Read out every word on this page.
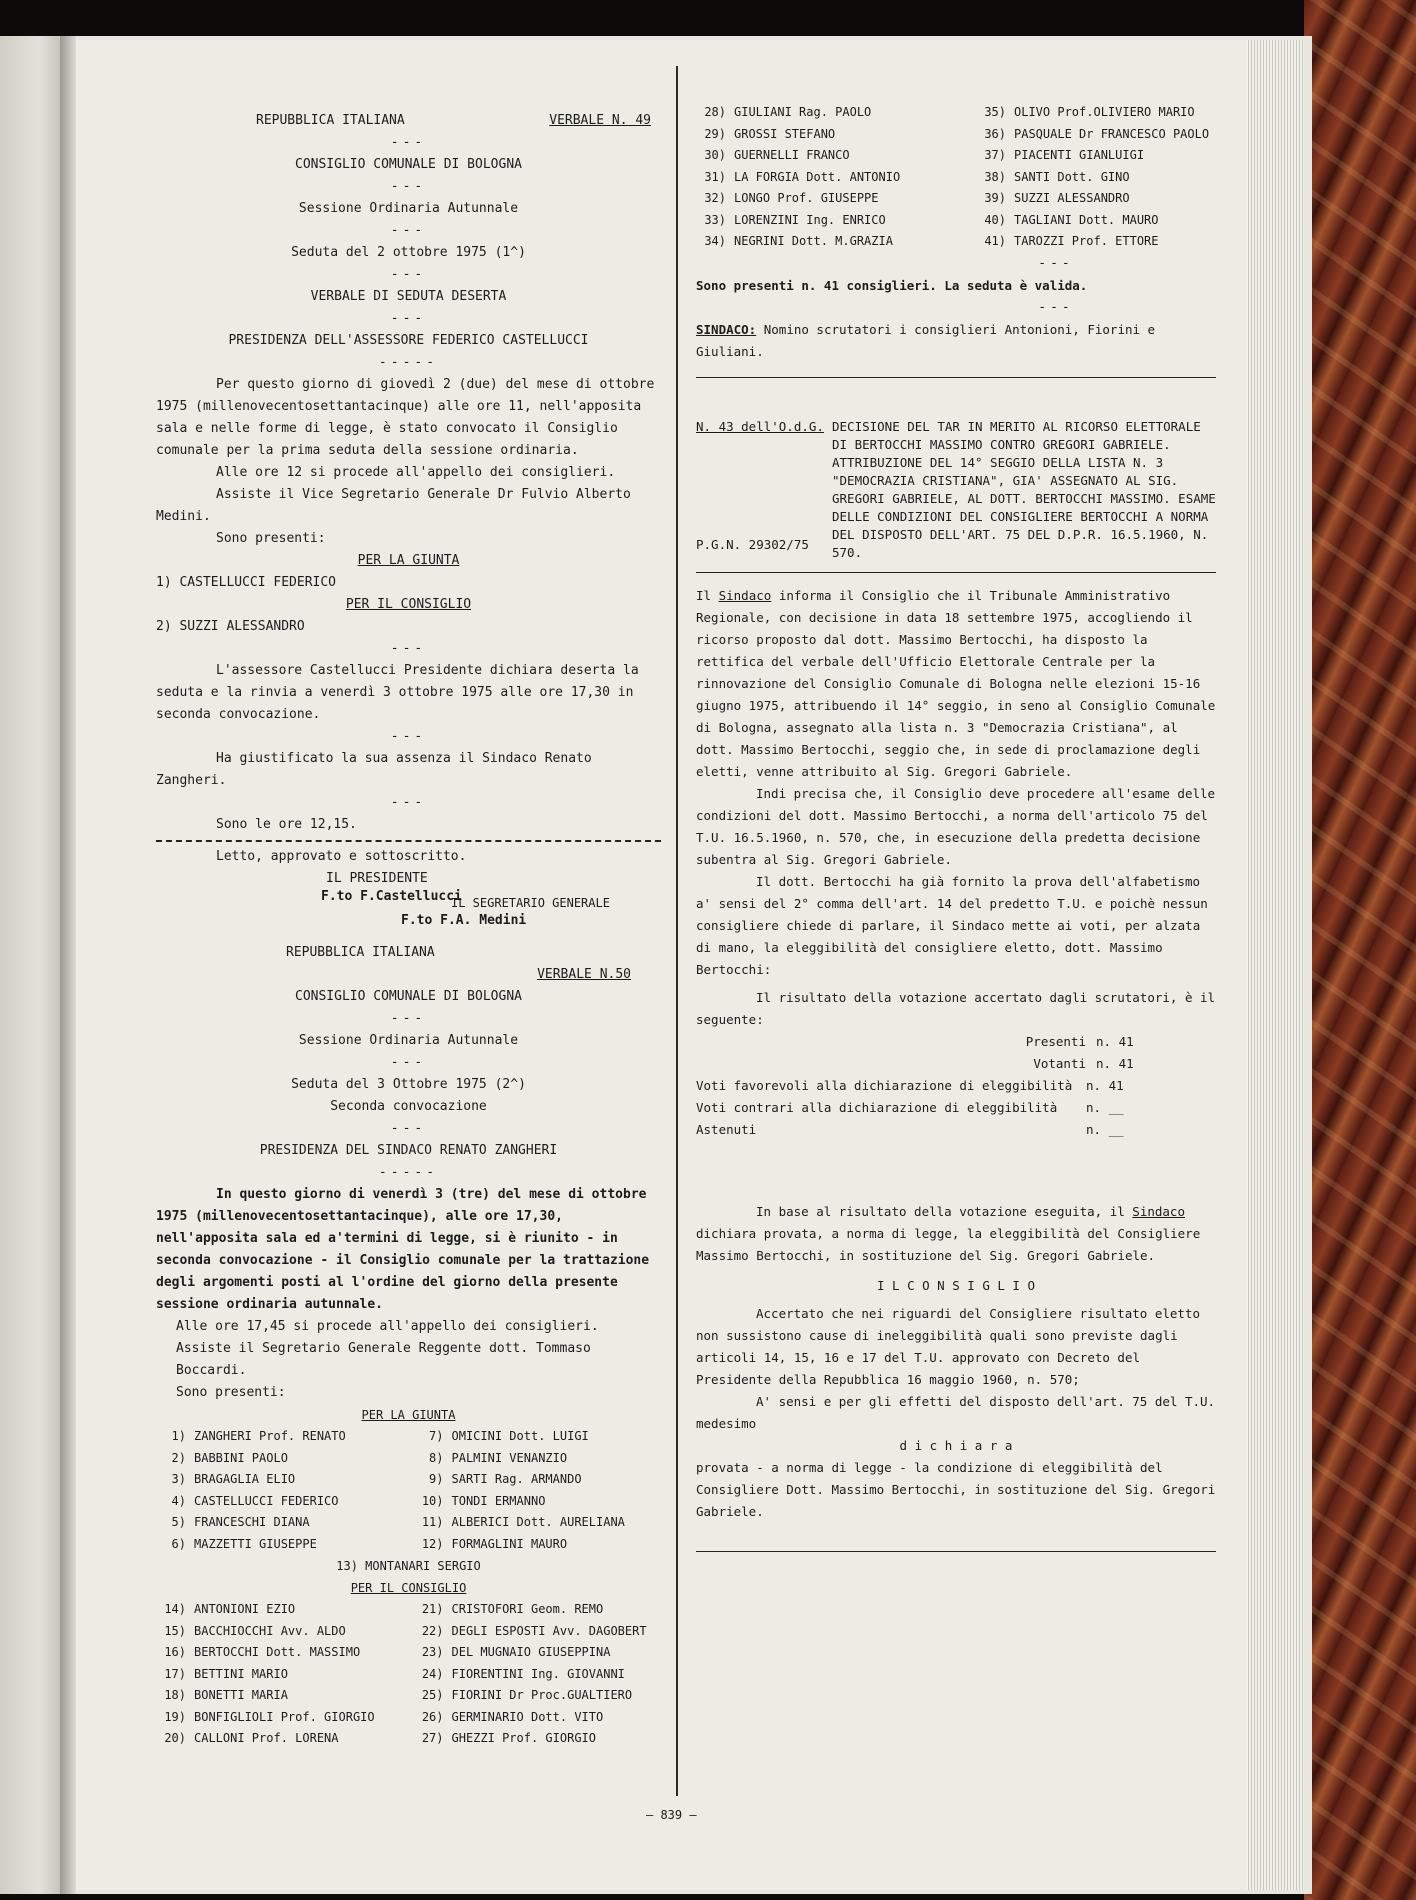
REPUBBLICA ITALIANA	VERBALE N. 49
---
CONSIGLIO COMUNALE DI BOLOGNA
---
Sessione Ordinaria Autunnale
---
Seduta del 2 ottobre 1975 (1^)
---
VERBALE DI SEDUTA DESERTA
---
PRESIDENZA DELL'ASSESSORE FEDERICO CASTELLUCCI
-----

Per questo giorno di giovedì 2 (due) del mese di ottobre 1975 (millenovecentosettantacinque) alle ore 11, nell'apposita sala e nelle forme di legge, è stato convocato il Consiglio comunale per la prima seduta della sessione ordinaria.

Alle ore 12 si procede all'appello dei consiglieri.

Assiste il Vice Segretario Generale Dr Fulvio Alberto Medini.

Sono presenti:

PER LA GIUNTA
1) CASTELLUCCI FEDERICO
PER IL CONSIGLIO
2) SUZZI ALESSANDRO
---

L'assessore Castellucci Presidente dichiara deserta la seduta e la rinvia a venerdì 3 ottobre 1975 alle ore 17,30 in seconda convocazione.

---

Ha giustificato la sua assenza il Sindaco Renato Zangheri.

---

Sono le ore 12,15.

Letto, approvato e sottoscritto.

IL PRESIDENTE
F.to F.Castellucci
IL SEGRETARIO GENERALE
F.to F.A. Medini
REPUBBLICA ITALIANA
VERBALE N.50
CONSIGLIO COMUNALE DI BOLOGNA
---
Sessione Ordinaria Autunnale
---
Seduta del 3 Ottobre 1975 (2^)
Seconda convocazione
---
PRESIDENZA DEL SINDACO RENATO ZANGHERI
-----

In questo giorno di venerdì 3 (tre) del mese di ottobre 1975 (millenovecentosettantacinque), alle ore 17,30, nell'apposita sala ed a'termini di legge, si è riunito - in seconda convocazione - il Consiglio comunale per la trattazione degli argomenti posti al l'ordine del giorno della presente sessione ordinaria autunnale.

Alle ore 17,45 si procede all'appello dei consiglieri.

Assiste il Segretario Generale Reggente dott. Tommaso Boccardi.

Sono presenti:

PER LA GIUNTA
1) ZANGHERI Prof. RENATO	7) OMICINI Dott. LUIGI
2) BABBINI PAOLO	8) PALMINI VENANZIO
3) BRAGAGLIA ELIO	9) SARTI Rag. ARMANDO
4) CASTELLUCCI FEDERICO	10) TONDI ERMANNO
5) FRANCESCHI DIANA	11) ALBERICI Dott. AURELIANA
6) MAZZETTI GIUSEPPE	12) FORMAGLINI MAURO
13) MONTANARI SERGIO
PER IL CONSIGLIO
14) ANTONIONI EZIO	21) CRISTOFORI Geom. REMO
15) BACCHIOCCHI Avv. ALDO	22) DEGLI ESPOSTI Avv. DAGOBERT
16) BERTOCCHI Dott. MASSIMO	23) DEL MUGNAIO GIUSEPPINA
17) BETTINI MARIO	24) FIORENTINI Ing. GIOVANNI
18) BONETTI MARIA	25) FIORINI Dr Proc.GUALTIERO
19) BONFIGLIOLI Prof. GIORGIO	26) GERMINARIO Dott. VITO
20) CALLONI Prof. LORENA	27) GHEZZI Prof. GIORGIO
28) GIULIANI Rag. PAOLO	35) OLIVO Prof.OLIVIERO MARIO
29) GROSSI STEFANO	36) PASQUALE Dr FRANCESCO PAOLO
30) GUERNELLI FRANCO	37) PIACENTI GIANLUIGI
31) LA FORGIA Dott. ANTONIO	38) SANTI Dott. GINO
32) LONGO Prof. GIUSEPPE	39) SUZZI ALESSANDRO
33) LORENZINI Ing. ENRICO	40) TAGLIANI Dott. MAURO
34) NEGRINI Dott. M.GRAZIA	41) TAROZZI Prof. ETTORE
---
Sono presenti n. 41 consiglieri. La seduta è valida.
---
SINDACO: Nomino scrutatori i consiglieri Antonioni, Fiorini e Giuliani.
N. 43 dell'O.d.G.
P.G.N. 29302/75
DECISIONE DEL TAR IN MERITO AL RICORSO ELETTORALE DI BERTOCCHI MASSIMO CONTRO GREGORI GABRIELE. ATTRIBUZIONE DEL 14° SEGGIO DELLA LISTA N. 3 "DEMOCRAZIA CRISTIANA", GIA' ASSEGNATO AL SIG. GREGORI GABRIELE, AL DOTT. BERTOCCHI MASSIMO. ESAME DELLE CONDIZIONI DEL CONSIGLIERE BERTOCCHI A NORMA DEL DISPOSTO DELL'ART. 75 DEL D.P.R. 16.5.1960, N. 570.

Il Sindaco informa il Consiglio che il Tribunale Amministrativo Regionale, con decisione in data 18 settembre 1975, accogliendo il ricorso proposto dal dott. Massimo Bertocchi, ha disposto la rettifica del verbale dell'Ufficio Elettorale Centrale per la rinnovazione del Consiglio Comunale di Bologna nelle elezioni 15-16 giugno 1975, attribuendo il 14° seggio, in seno al Consiglio Comunale di Bologna, assegnato alla lista n. 3 "Democrazia Cristiana", al dott. Massimo Bertocchi, seggio che, in sede di proclamazione degli eletti, venne attribuito al Sig. Gregori Gabriele.

Indi precisa che, il Consiglio deve procedere all'esame delle condizioni del dott. Massimo Bertocchi, a norma dell'articolo 75 del T.U. 16.5.1960, n. 570, che, in esecuzione della predetta decisione subentra al Sig. Gregori Gabriele.

Il dott. Bertocchi ha già fornito la prova dell'alfabetismo a' sensi del 2° comma dell'art. 14 del predetto T.U. e poichè nessun consigliere chiede di parlare, il Sindaco mette ai voti, per alzata di mano, la eleggibilità del consigliere eletto, dott. Massimo Bertocchi:

Il risultato della votazione accertato dagli scrutatori, è il seguente:

Presenti n. 41
Votanti n. 41
Voti favorevoli alla dichiarazione di eleggibilità	n. 41
Voti contrari alla dichiarazione di eleggibilità	n. __
Astenuti	n. __

In base al risultato della votazione eseguita, il Sindaco dichiara provata, a norma di legge, la eleggibilità del Consigliere Massimo Bertocchi, in sostituzione del Sig. Gregori Gabriele.

I L C O N S I G L I O

Accertato che nei riguardi del Consigliere risultato eletto non sussistono cause di ineleggibilità quali sono previste dagli articoli 14, 15, 16 e 17 del T.U. approvato con Decreto del Presidente della Repubblica 16 maggio 1960, n. 570;

A' sensi e per gli effetti del disposto dell'art. 75 del T.U. medesimo

d i c h i a r a

provata - a norma di legge - la condizione di eleggibilità del Consigliere Dott. Massimo Bertocchi, in sostituzione del Sig. Gregori Gabriele.

– 839 –
